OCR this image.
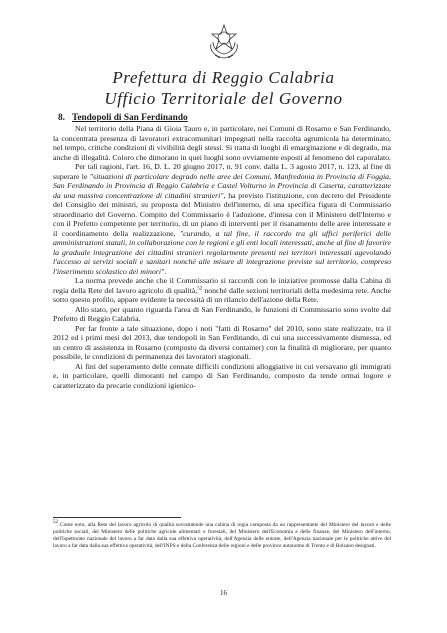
Prefettura di Reggio Calabria
Ufficio Territoriale del Governo
8. Tendopoli di San Ferdinando

Nel territorio della Piana di Gioia Tauro e, in particolare, nei Comuni di Rosarno e San Ferdinando, la concentrata presenza di lavoratori extracomunitari impegnati nella raccolta agrumicola ha determinato, nel tempo, critiche condizioni di vivibilità degli stessi. Si tratta di luoghi di emarginazione e di degrado, ma anche di illegalità. Coloro che dimorano in quei luoghi sono ovviamente esposti al fenomeno del caporalato.

Per tali ragioni, l'art. 16, D. L. 20 giugno 2017, n. 91 conv. dalla L. 3 agosto 2017, n. 123, al fine di superare le "situazioni di particolare degrado nelle aree dei Comuni, Manfredonia in Provincia di Foggia, San Ferdinando in Provincia di Reggio Calabria e Castel Volturno in Provincia di Caserta, caratterizzate da una massiva concentrazione di cittadini stranieri", ha previsto l'istituzione, con decreto del Presidente del Consiglio dei ministri, su proposta del Ministro dell'interno, di una specifica figura di Commissario straordinario del Governo. Compito del Commissario è l'adozione, d'intesa con il Ministero dell'Interno e con il Prefetto competente per territorio, di un piano di interventi per il risanamento delle aree interessate e il coordinamento della realizzazione, "curando, a tal fine, il raccordo tra gli uffici periferici delle amministrazioni statali, in collaborazione con le regioni e gli enti locali interessati, anche al fine di favorire la graduale integrazione dei cittadini stranieri regolarmente presenti nei territori interessati agevolando l'accesso ai servizi sociali e sanitari nonché alle misure di integrazione previste sul territorio, compreso l'inserimento scolastico dei minori".

La norma prevede anche che il Commissario si raccordi con le iniziative promosse dalla Cabina di regia della Rete del lavoro agricolo di qualità,$^{52}$ nonché dalle sezioni territoriali della medesima rete. Anche sotto questo profilo, appare evidente la necessità di un rilancio dell'azione della Rete.

Allo stato, per quanto riguarda l'area di San Ferdinando, le funzioni di Commissario sono svolte dal Prefetto di Reggio Calabria.

Per far fronte a tale situazione, dopo i noti "fatti di Rosarno" del 2010, sono state realizzate, tra il 2012 ed i primi mesi del 2013, due tendopoli in San Ferdinando, di cui una successivamente dismessa, ed un centro di assistenza in Rosarno (composto da diversi container) con la finalità di migliorare, per quanto possibile, le condizioni di permanenza dei lavoratori stagionali.

Ai fini del superamento delle cennate difficili condizioni alloggiative in cui versavano gli immigrati e, in particolare, quelli dimoranti nel campo di San Ferdinando, composto da tende ormai logore e caratterizzato da precarie condizioni igienico-

$^{52}$ Come noto, alla Rete del lavoro agricolo di qualità sovraintende una cabina di regia composta da un rappresentante del Ministero del lavoro e delle politiche sociali, del Ministero delle politiche agricole alimentari e forestali, del Ministero dell'Economia e delle finanze, del Ministero dell'interno, dell'Ispettorato nazionale del lavoro a far data dalla sua effettiva operatività, dell'Agenzia delle entrate, dell'Agenzia nazionale per le politiche attive del lavoro a far data dalla sua effettiva operatività, dell'INPS e della Conferenza delle regioni e delle province autonome di Trento e di Bolzano designati.
16
